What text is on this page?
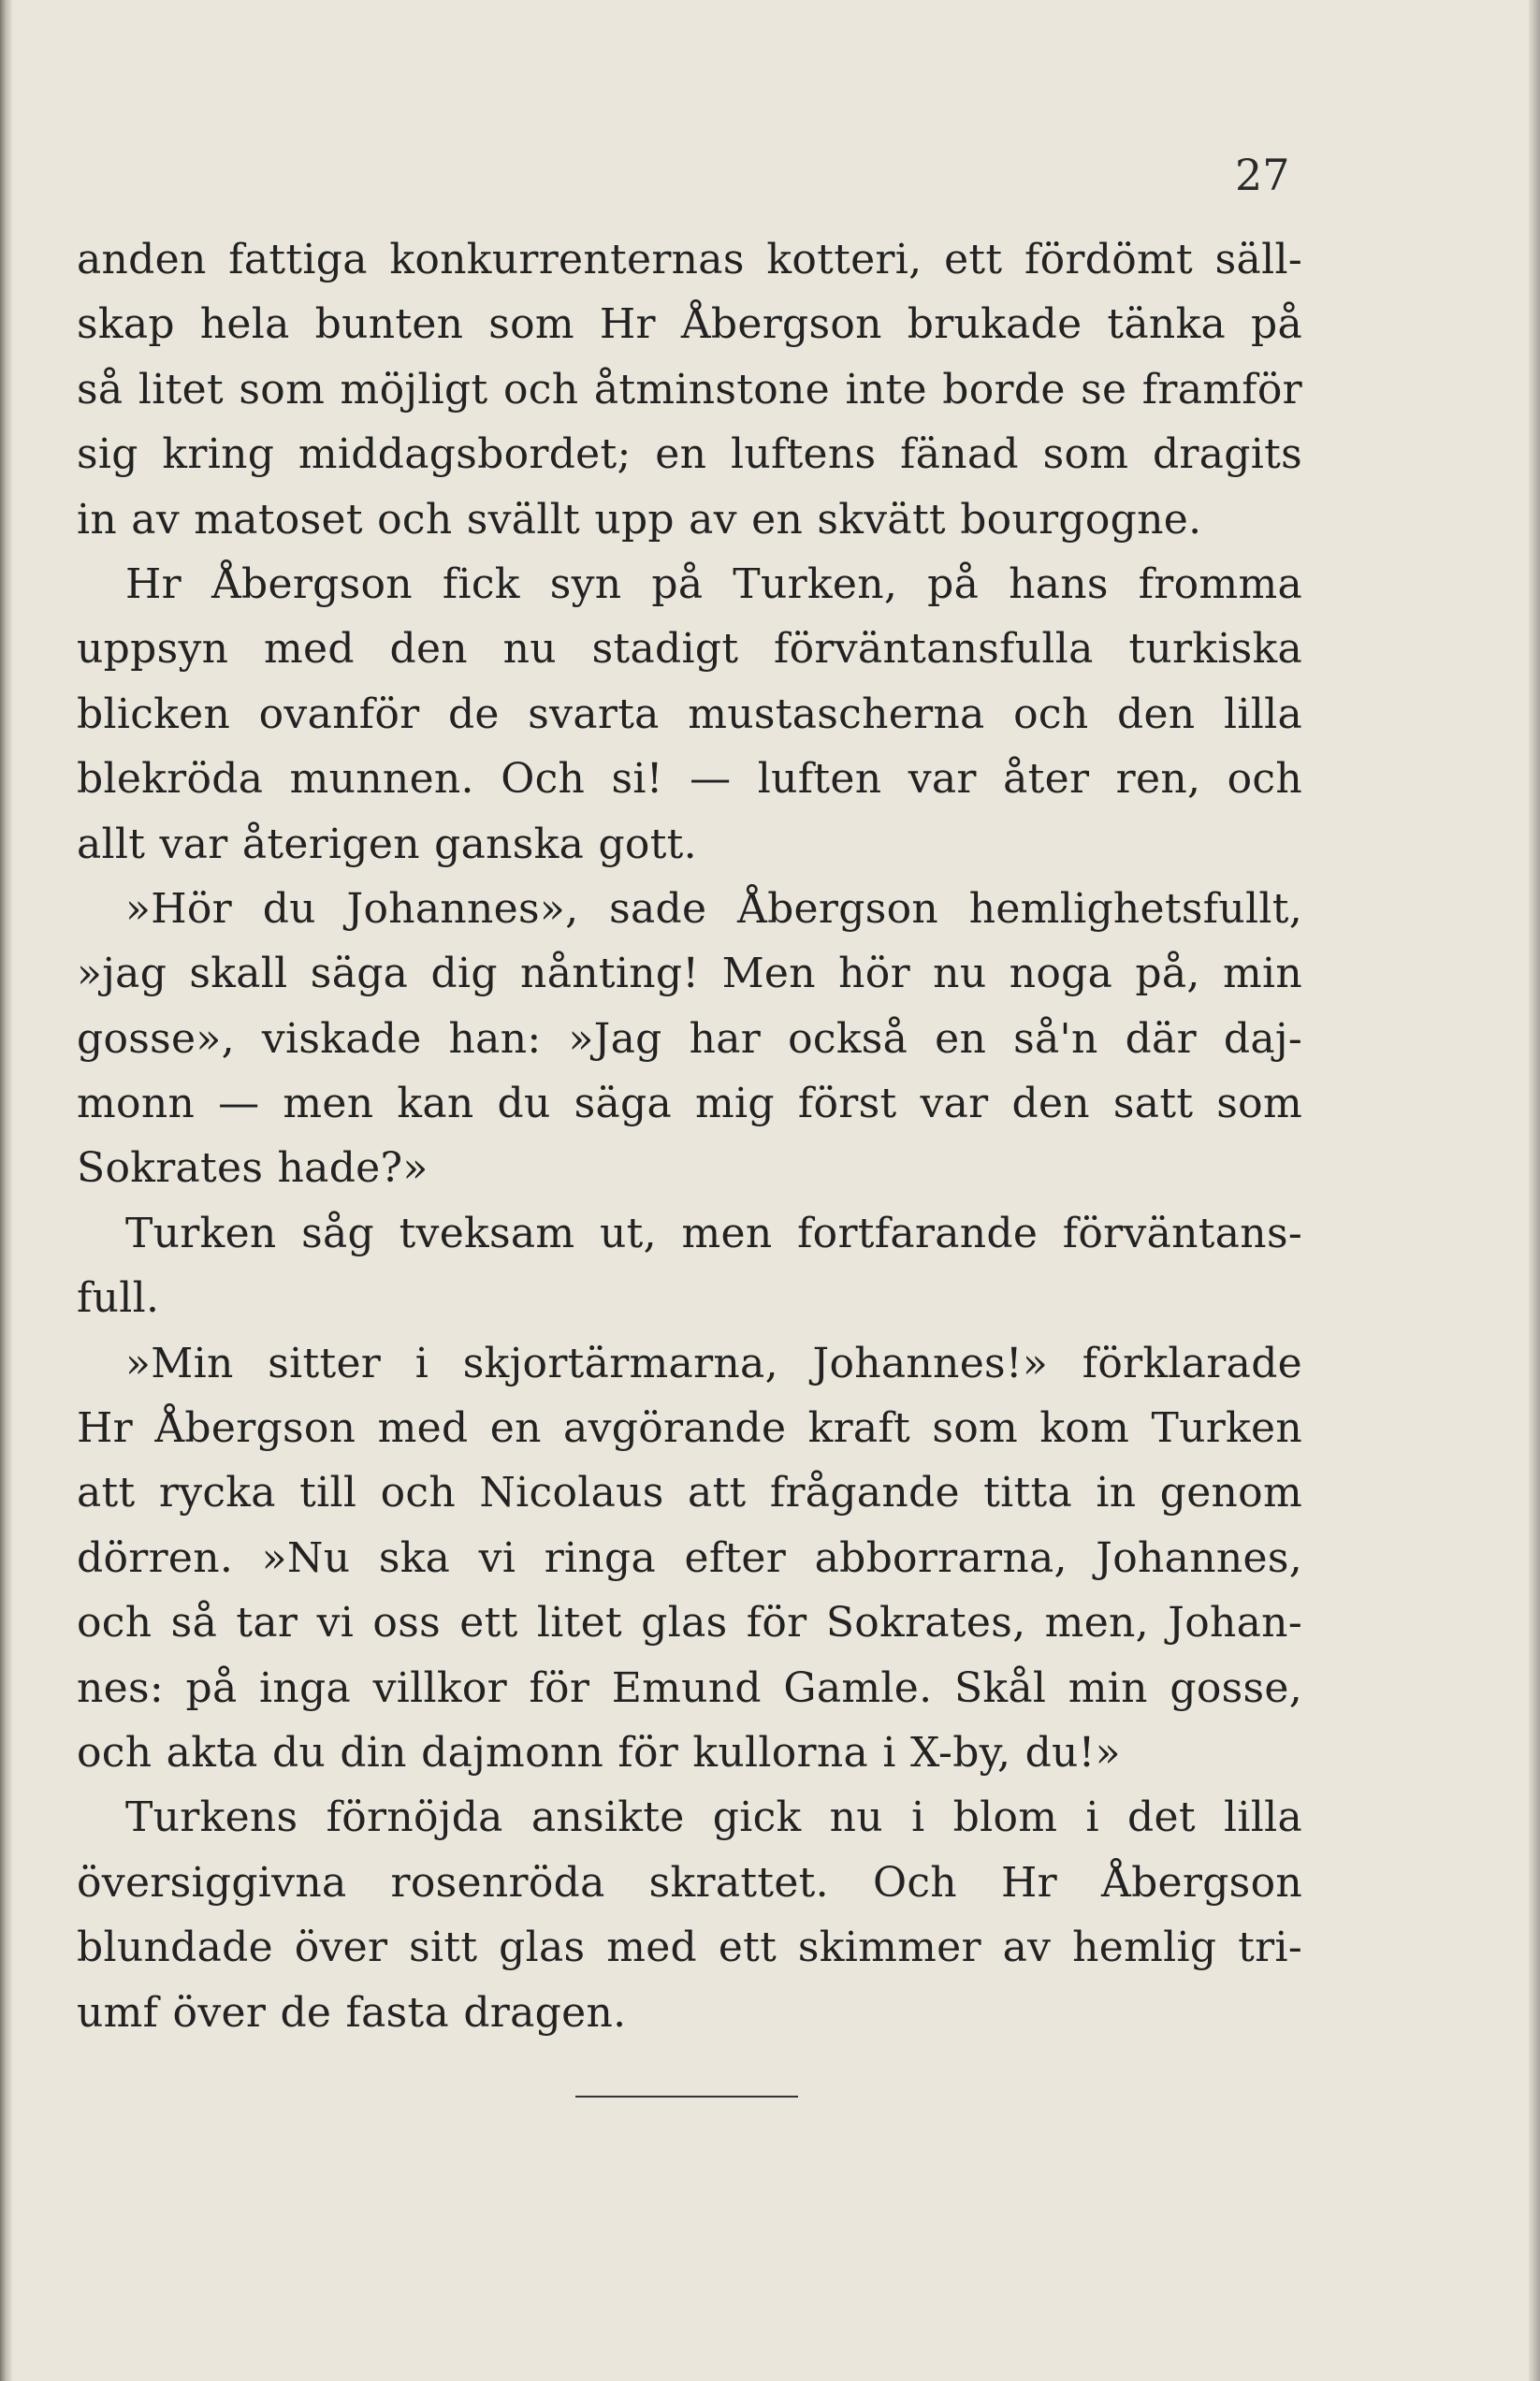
27
anden fattiga konkurrenternas kotteri, ett fördömt säll-
skap hela bunten som Hr Åbergson brukade tänka på
så litet som möjligt och åtminstone inte borde se framför
sig kring middagsbordet; en luftens fänad som dragits
in av matoset och svällt upp av en skvätt bourgogne.
Hr Åbergson fick syn på Turken, på hans fromma
uppsyn med den nu stadigt förväntansfulla turkiska
blicken ovanför de svarta mustascherna och den lilla
blekröda munnen. Och si! — luften var åter ren, och
allt var återigen ganska gott.
»Hör du Johannes», sade Åbergson hemlighetsfullt,
»jag skall säga dig nånting! Men hör nu noga på, min
gosse», viskade han: »Jag har också en så'n där daj-
monn — men kan du säga mig först var den satt som
Sokrates hade?»
Turken såg tveksam ut, men fortfarande förväntans-
full.
»Min sitter i skjortärmarna, Johannes!» förklarade
Hr Åbergson med en avgörande kraft som kom Turken
att rycka till och Nicolaus att frågande titta in genom
dörren. »Nu ska vi ringa efter abborrarna, Johannes,
och så tar vi oss ett litet glas för Sokrates, men, Johan-
nes: på inga villkor för Emund Gamle. Skål min gosse,
och akta du din dajmonn för kullorna i X-by, du!»
Turkens förnöjda ansikte gick nu i blom i det lilla
översiggivna rosenröda skrattet. Och Hr Åbergson
blundade över sitt glas med ett skimmer av hemlig tri-
umf över de fasta dragen.
